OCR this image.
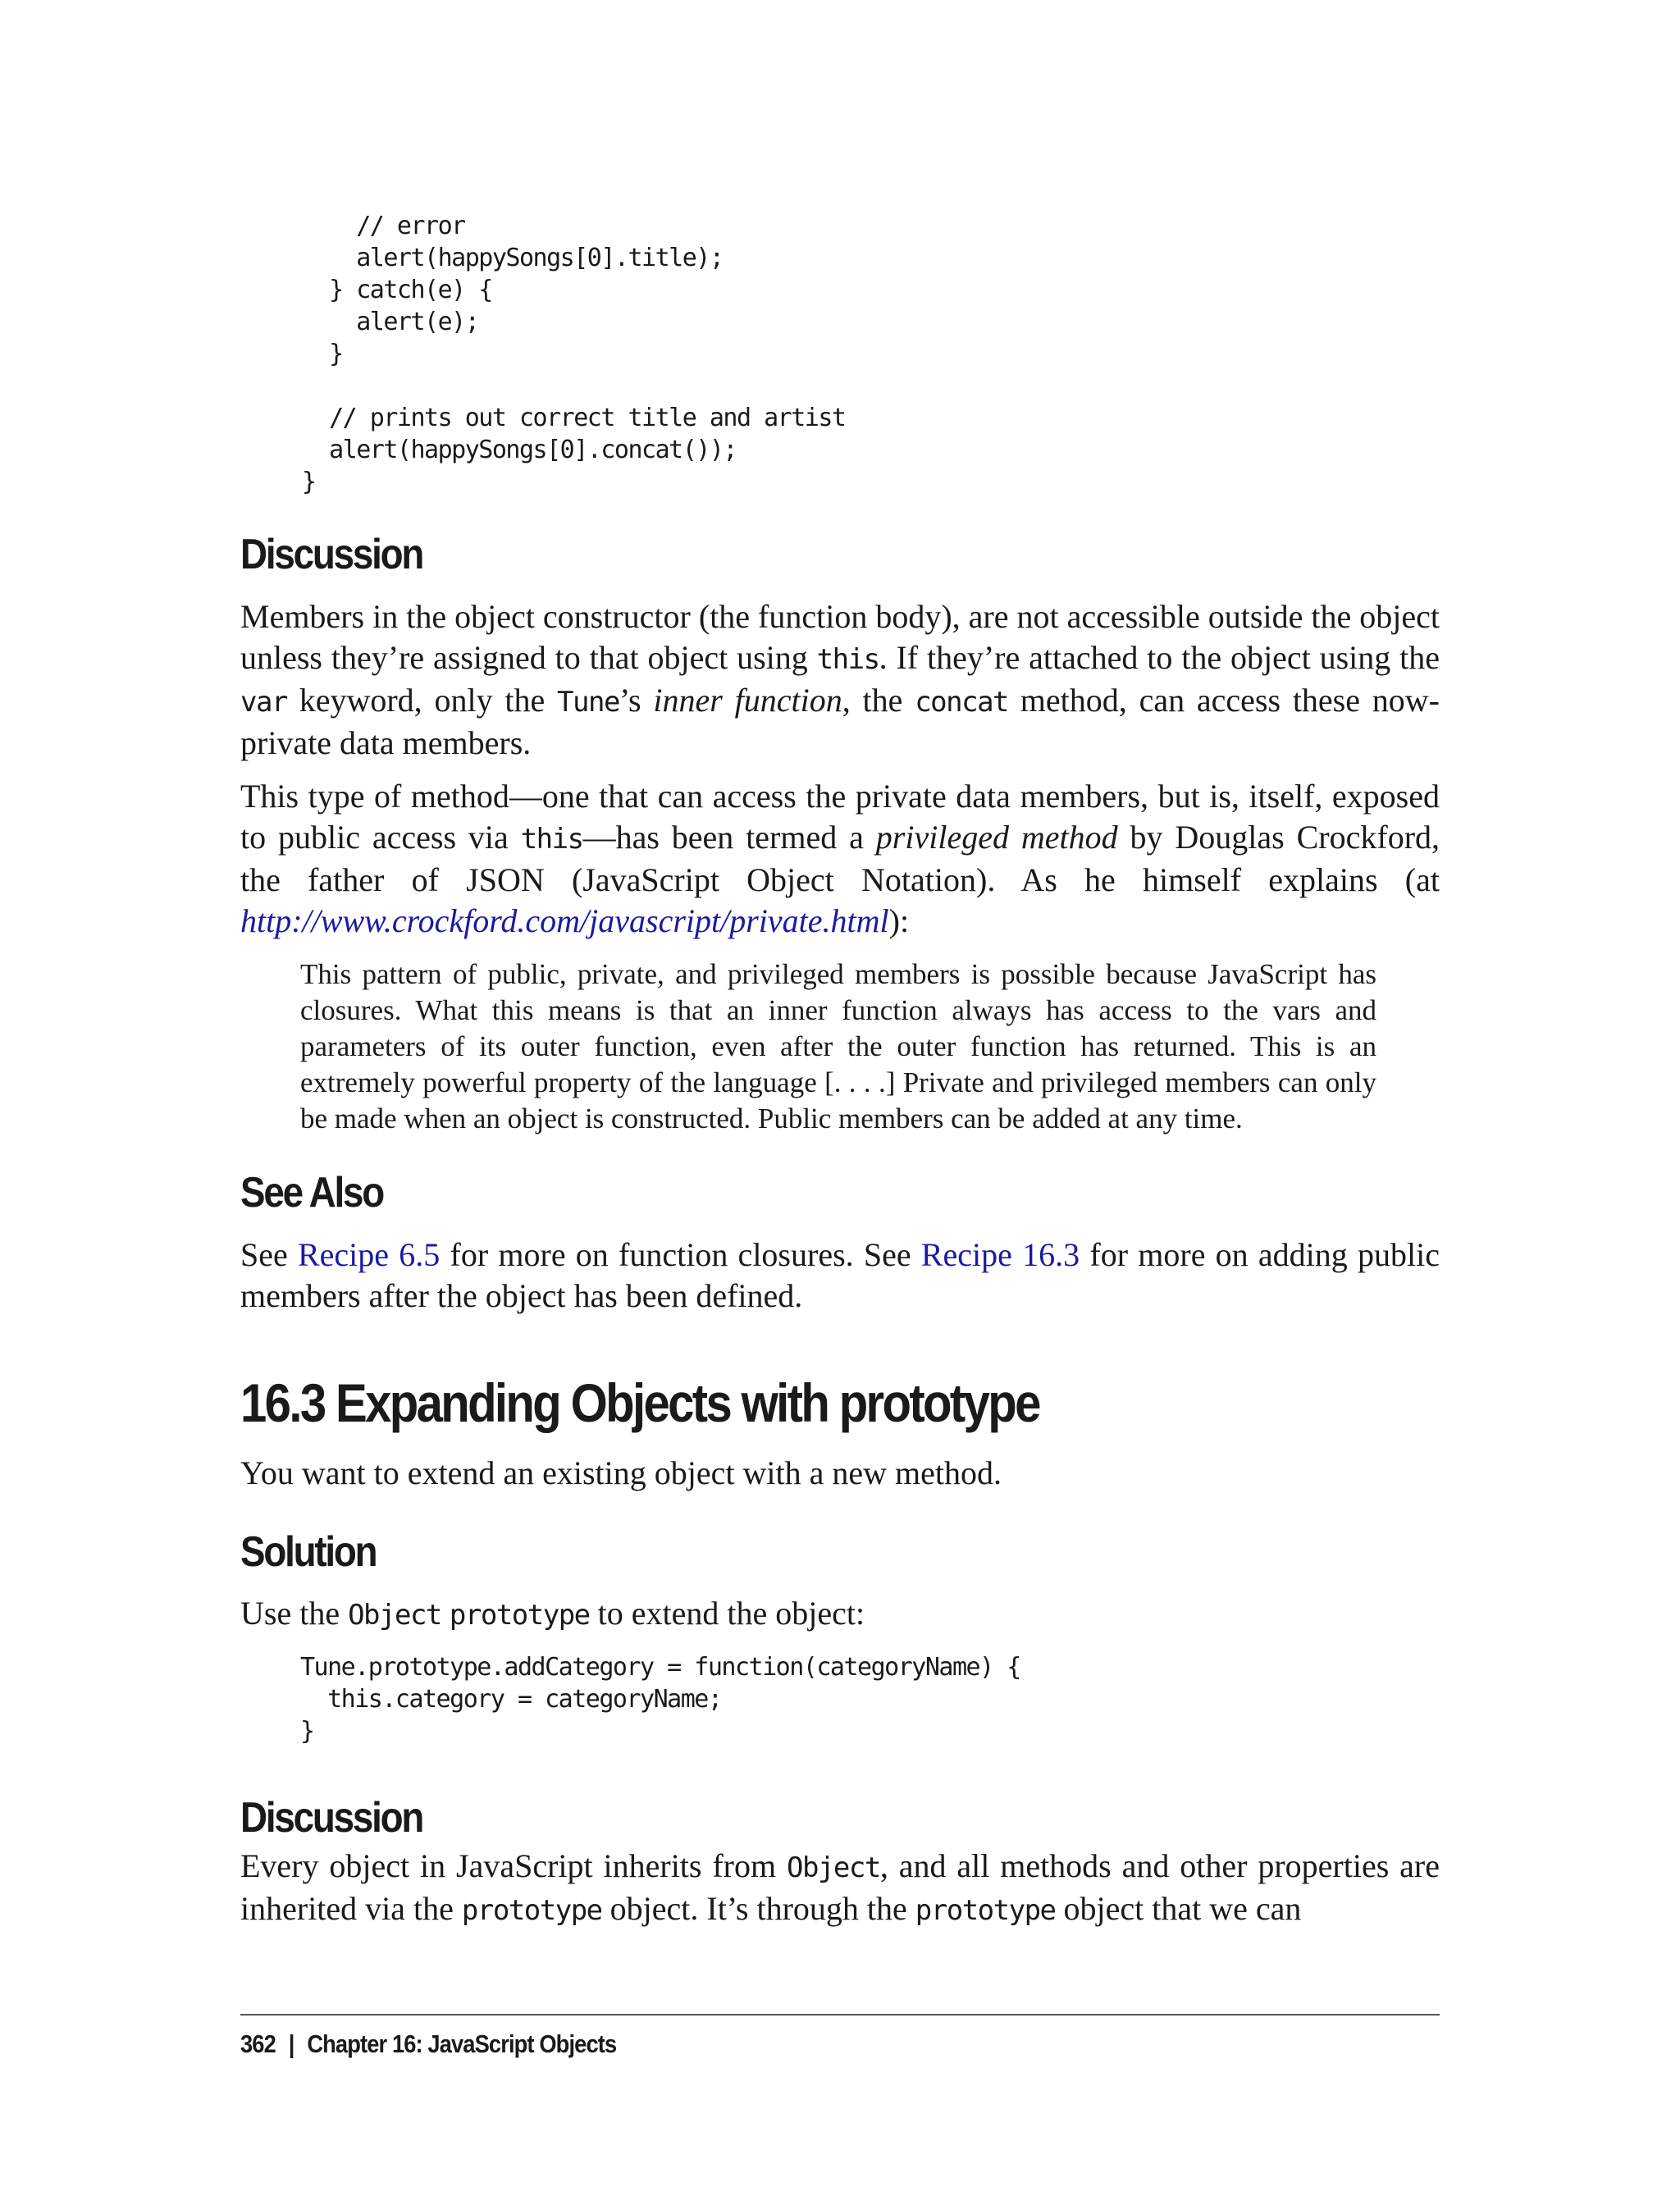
// error
alert(happySongs[0].title);
} catch(e) {
alert(e);
}

// prints out correct title and artist
alert(happySongs[0].concat());
}
Discussion

Members in the object constructor (the function body), are not accessible outside the object unless they’re assigned to that object using this. If they’re attached to the object using the var keyword, only the Tune’s inner function, the concat method, can access these now-private data members.

This type of method—one that can access the private data members, but is, itself, exposed to public access via this—has been termed a privileged method by Douglas Crockford, the father of JSON (JavaScript Object Notation). As he himself explains (at http://www.crockford.com/javascript/private.html):

This pattern of public, private, and privileged members is possible because JavaScript has closures. What this means is that an inner function always has access to the vars and parameters of its outer function, even after the outer function has returned. This is an extremely powerful property of the language [. . . .] Private and privileged members can only be made when an object is constructed. Public members can be added at any time.

See Also

See Recipe 6.5 for more on function closures. See Recipe 16.3 for more on adding public members after the object has been defined.

16.3 Expanding Objects with prototype

You want to extend an existing object with a new method.

Solution

Use the Object prototype to extend the object:

Tune.prototype.addCategory = function(categoryName) {
this.category = categoryName;
}
Discussion

Every object in JavaScript inherits from Object, and all methods and other properties are inherited via the prototype object. It’s through the prototype object that we can

362 | Chapter 16: JavaScript Objects
